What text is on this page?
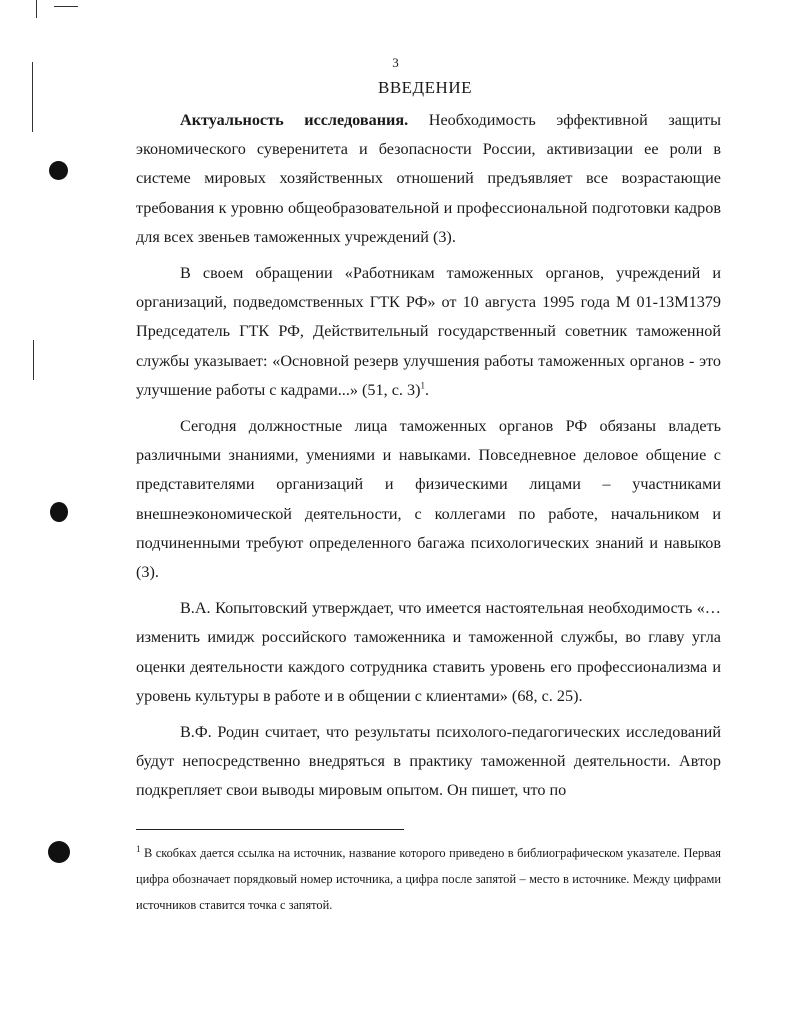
3
ВВЕДЕНИЕ

Актуальность исследования. Необходимость эффективной защиты экономического суверенитета и безопасности России, активизации ее роли в системе мировых хозяйственных отношений предъявляет все возрастающие требования к уровню общеобразовательной и профессиональной подготовки кадров для всех звеньев таможенных учреждений (3).

В своем обращении «Работникам таможенных органов, учреждений и организаций, подведомственных ГТК РФ» от 10 августа 1995 года М 01-13М1379 Председатель ГТК РФ, Действительный государственный советник таможенной службы указывает: «Основной резерв улучшения работы таможенных органов - это улучшение работы с кадрами...» (51, с. 3)$^1$.

Сегодня должностные лица таможенных органов РФ обязаны владеть различными знаниями, умениями и навыками. Повседневное деловое общение с представителями организаций и физическими лицами – участниками внешнеэкономической деятельности, с коллегами по работе, начальником и подчиненными требуют определенного багажа психологических знаний и навыков (3).

В.А. Копытовский утверждает, что имеется настоятельная необходимость «… изменить имидж российского таможенника и таможенной службы, во главу угла оценки деятельности каждого сотрудника ставить уровень его профессионализма и уровень культуры в работе и в общении с клиентами» (68, с. 25).

В.Ф. Родин считает, что результаты психолого-педагогических исследований будут непосредственно внедряться в практику таможенной деятельности. Автор подкрепляет свои выводы мировым опытом. Он пишет, что по

$^1$ В скобках дается ссылка на источник, название которого приведено в библиографическом указателе. Первая цифра обозначает порядковый номер источника, а цифра после запятой – место в источнике. Между цифрами источников ставится точка с запятой.
